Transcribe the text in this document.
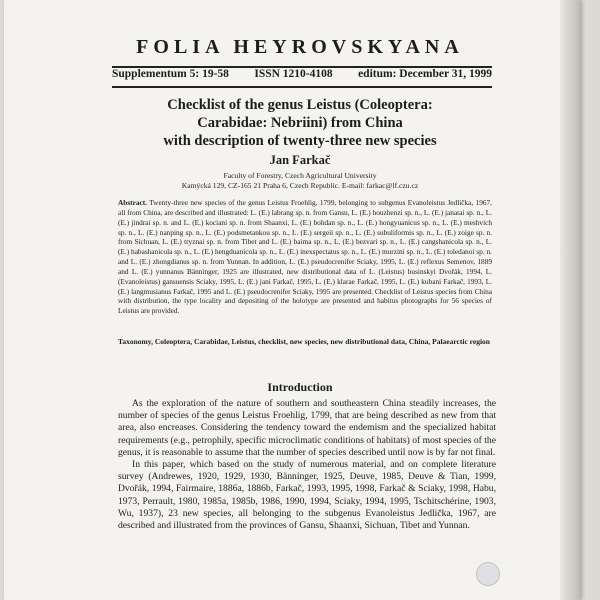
FOLIA HEYROVSKYANA
Supplementum 5: 19-58 ISSN 1210-4108 editum: December 31, 1999
Checklist of the genus Leistus (Coleoptera:
Carabidae: Nebriini) from China
with description of twenty-three new species
Jan Farkač
Faculty of Forestry, Czech Agricultural University
Kamýcká 129, CZ-165 21 Praha 6, Czech Republic. E-mail: farkac@lf.czu.cz
Abstract. Twenty-three new species of the genus Leistus Froehlig, 1799, belonging to subgenus Evanoleistus Jedlička, 1967, all from China, are described and illustrated: L. (E.) labrang sp. n. from Gansu, L. (E.) houzhenzi sp. n., L. (E.) janatai sp. n., L. (E.) jindrai sp. n. and L. (E.) kociani sp. n. from Shaanxi, L. (E.) bohdan sp. n., L. (E.) hongyuanicus sp. n., L. (E.) meshvich sp. n., L. (E.) nanping sp. n., L. (E.) podsmetankou sp. n., L. (E.) sergeii sp. n., L. (E.) subuliformis sp. n., L. (E.) zoige sp. n. from Sichuan, L. (E.) tryznai sp. n. from Tibet and L. (E.) baima sp. n., L. (E.) bezvari sp. n., L. (E.) cangshanicola sp. n., L. (E.) habashanicola sp. n., L. (E.) hengduanicola sp. n., L. (E.) inexspectatus sp. n., L. (E.) murzini sp. n., L. (E.) toledanoi sp. n. and L. (E.) zhongdianus sp. n. from Yunnan. In addition, L. (E.) pseudocrenifer Sciaky, 1995, L. (E.) reflexus Semenov, 1889 and L. (E.) yunnanus Bänninger, 1925 are illustrated, new distributional data of L. (Leistus) businskyi Dvořák, 1994, L. (Evanoleistus) gansuensis Sciaky, 1995, L. (E.) jani Farkač, 1995, L. (E.) klarae Farkač, 1995, L. (E.) kubani Farkač, 1993, L. (E.) langmusianus Farkač, 1995 and L. (E.) pseudocrenifer Sciaky, 1995 are presented. Checklist of Leistus species from China with distribution, the type locality and depositing of the holotype are presented and habitus photographs for 56 species of Leistus are provided.
Taxonomy, Coleoptera, Carabidae, Leistus, checklist, new species, new distributional data, China, Palaearctic region
Introduction

As the exploration of the nature of southern and southeastern China steadily increases, the number of species of the genus Leistus Froehlig, 1799, that are being described as new from that area, also encreases. Considering the tendency toward the endemism and the specialized habitat requirements (e.g., petrophily, specific microclimatic conditions of habitats) of most species of the genus, it is reasonable to assume that the number of species described until now is by far not final.

In this paper, which based on the study of numerous material, and on complete literature survey (Andrewes, 1920, 1929, 1930, Bänninger, 1925, Deuve, 1985, Deuve & Tian, 1999, Dvořák, 1994, Fairmaire, 1886a, 1886b, Farkač, 1993, 1995, 1998, Farkač & Sciaky, 1998, Habu, 1973, Perrault, 1980, 1985a, 1985b, 1986, 1990, 1994, Sciaky, 1994, 1995, Tschitschérine, 1903, Wu, 1937), 23 new species, all belonging to the subgenus Evanoleistus Jedlička, 1967, are described and illustrated from the provinces of Gansu, Shaanxi, Sichuan, Tibet and Yunnan.
